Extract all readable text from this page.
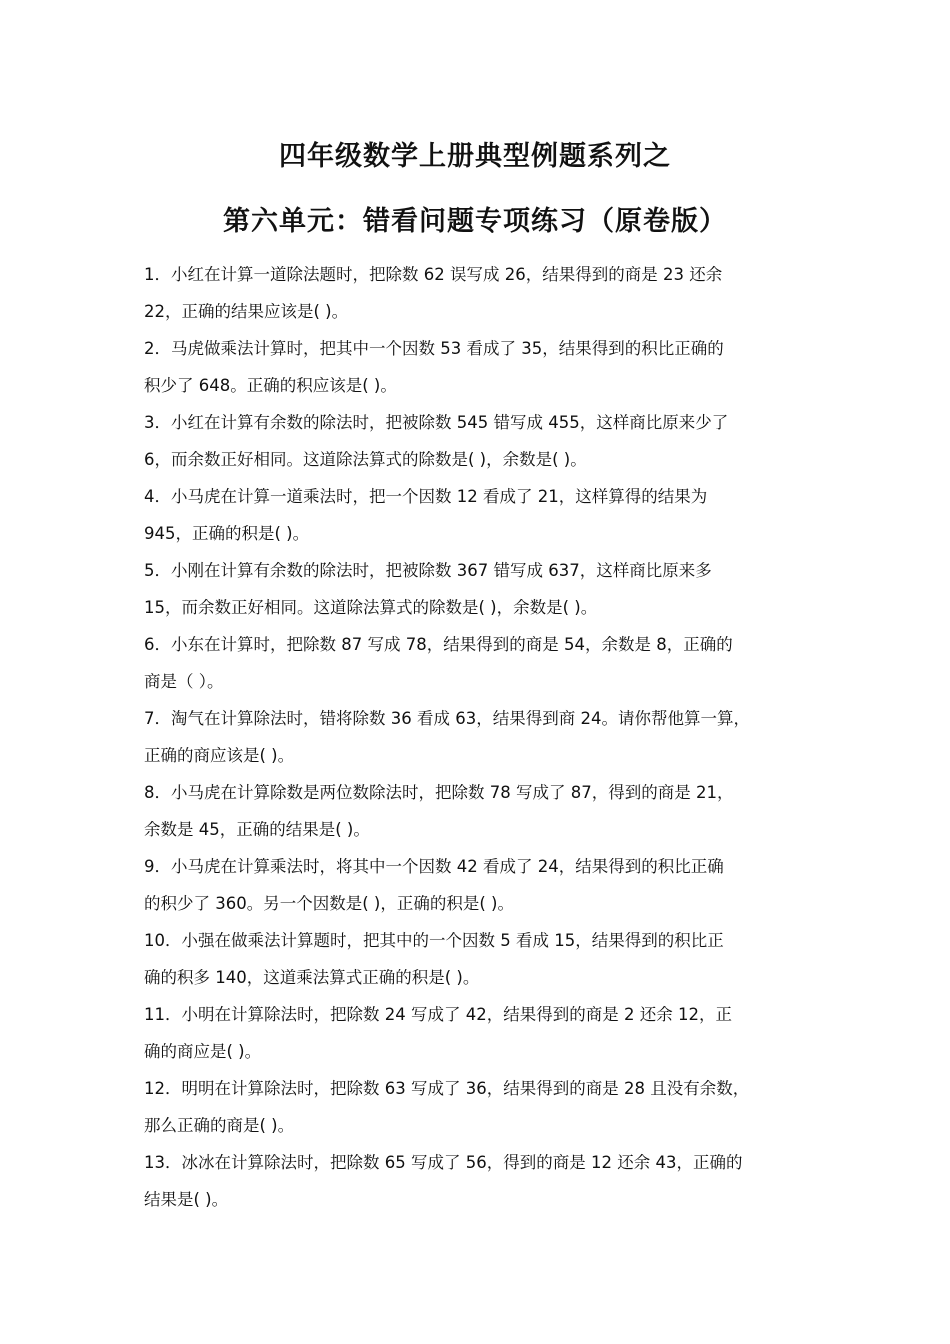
四年级数学上册典型例题系列之
第六单元：错看问题专项练习（原卷版）
1．小红在计算一道除法题时，把除数 62 误写成 26，结果得到的商是 23 还余
22，正确的结果应该是( )。
2．马虎做乘法计算时，把其中一个因数 53 看成了 35，结果得到的积比正确的
积少了 648。正确的积应该是( )。
3．小红在计算有余数的除法时，把被除数 545 错写成 455，这样商比原来少了
6，而余数正好相同。这道除法算式的除数是( )，余数是( )。
4．小马虎在计算一道乘法时，把一个因数 12 看成了 21，这样算得的结果为
945，正确的积是( )。
5．小刚在计算有余数的除法时，把被除数 367 错写成 637，这样商比原来多
15，而余数正好相同。这道除法算式的除数是( )，余数是( )。
6．小东在计算时，把除数 87 写成 78，结果得到的商是 54，余数是 8，正确的
商是（ ）。
7．淘气在计算除法时，错将除数 36 看成 63，结果得到商 24。请你帮他算一算，
正确的商应该是( )。
8．小马虎在计算除数是两位数除法时，把除数 78 写成了 87，得到的商是 21，
余数是 45，正确的结果是( )。
9．小马虎在计算乘法时，将其中一个因数 42 看成了 24，结果得到的积比正确
的积少了 360。另一个因数是( )，正确的积是( )。
10．小强在做乘法计算题时，把其中的一个因数 5 看成 15，结果得到的积比正
确的积多 140，这道乘法算式正确的积是( )。
11．小明在计算除法时，把除数 24 写成了 42，结果得到的商是 2 还余 12，正
确的商应是( )。
12．明明在计算除法时，把除数 63 写成了 36，结果得到的商是 28 且没有余数，
那么正确的商是( )。
13．冰冰在计算除法时，把除数 65 写成了 56，得到的商是 12 还余 43，正确的
结果是( )。
